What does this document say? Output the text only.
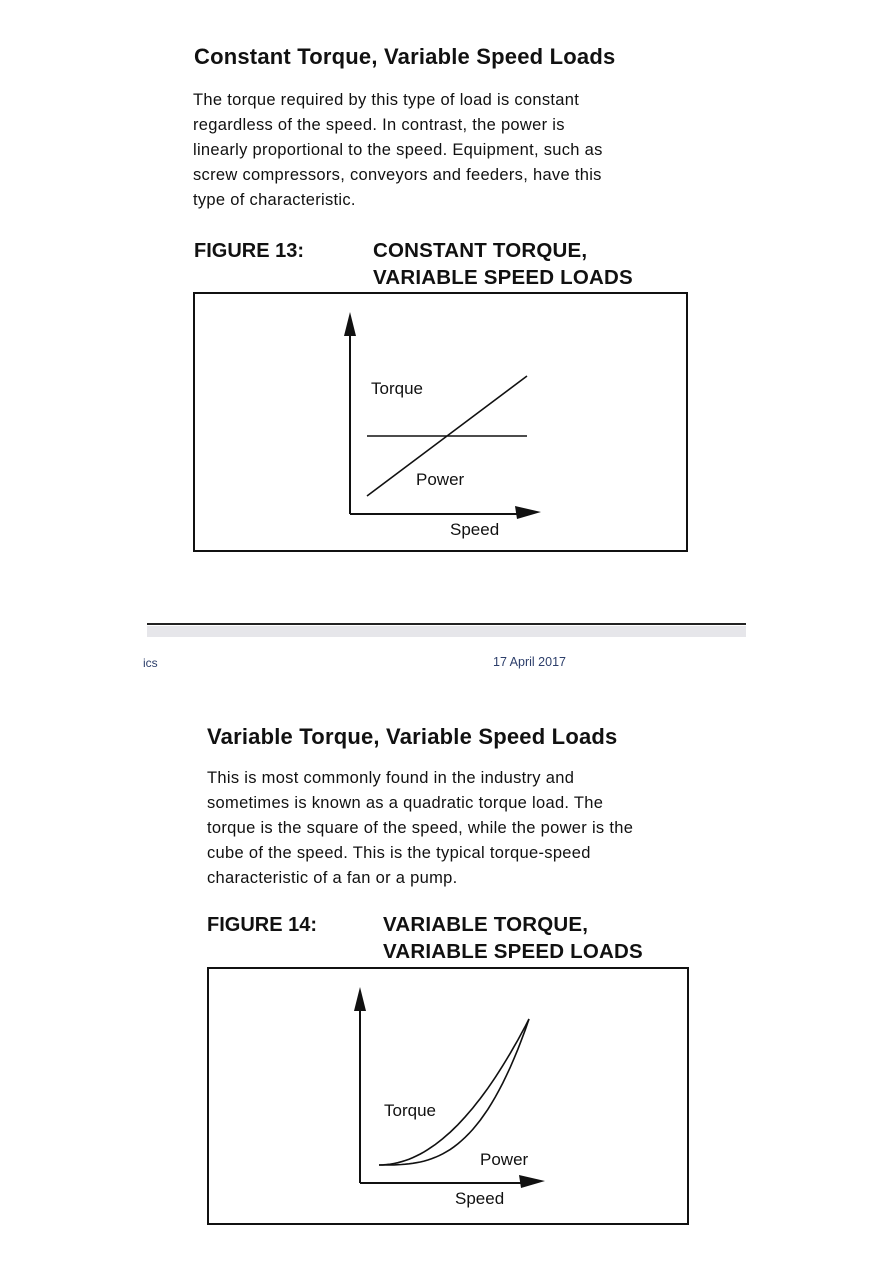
Constant Torque, Variable Speed Loads
The torque required by this type of load is constant
regardless of the speed. In contrast, the power is
linearly proportional to the speed. Equipment, such as
screw compressors, conveyors and feeders, have this
type of characteristic.
FIGURE 13:	CONSTANT TORQUE,
VARIABLE SPEED LOADS
Torque
Power
Speed
ics	17 April 2017
Variable Torque, Variable Speed Loads
This is most commonly found in the industry and
sometimes is known as a quadratic torque load. The
torque is the square of the speed, while the power is the
cube of the speed. This is the typical torque-speed
characteristic of a fan or a pump.
FIGURE 14:	VARIABLE TORQUE,
VARIABLE SPEED LOADS
Torque
Power
Speed
